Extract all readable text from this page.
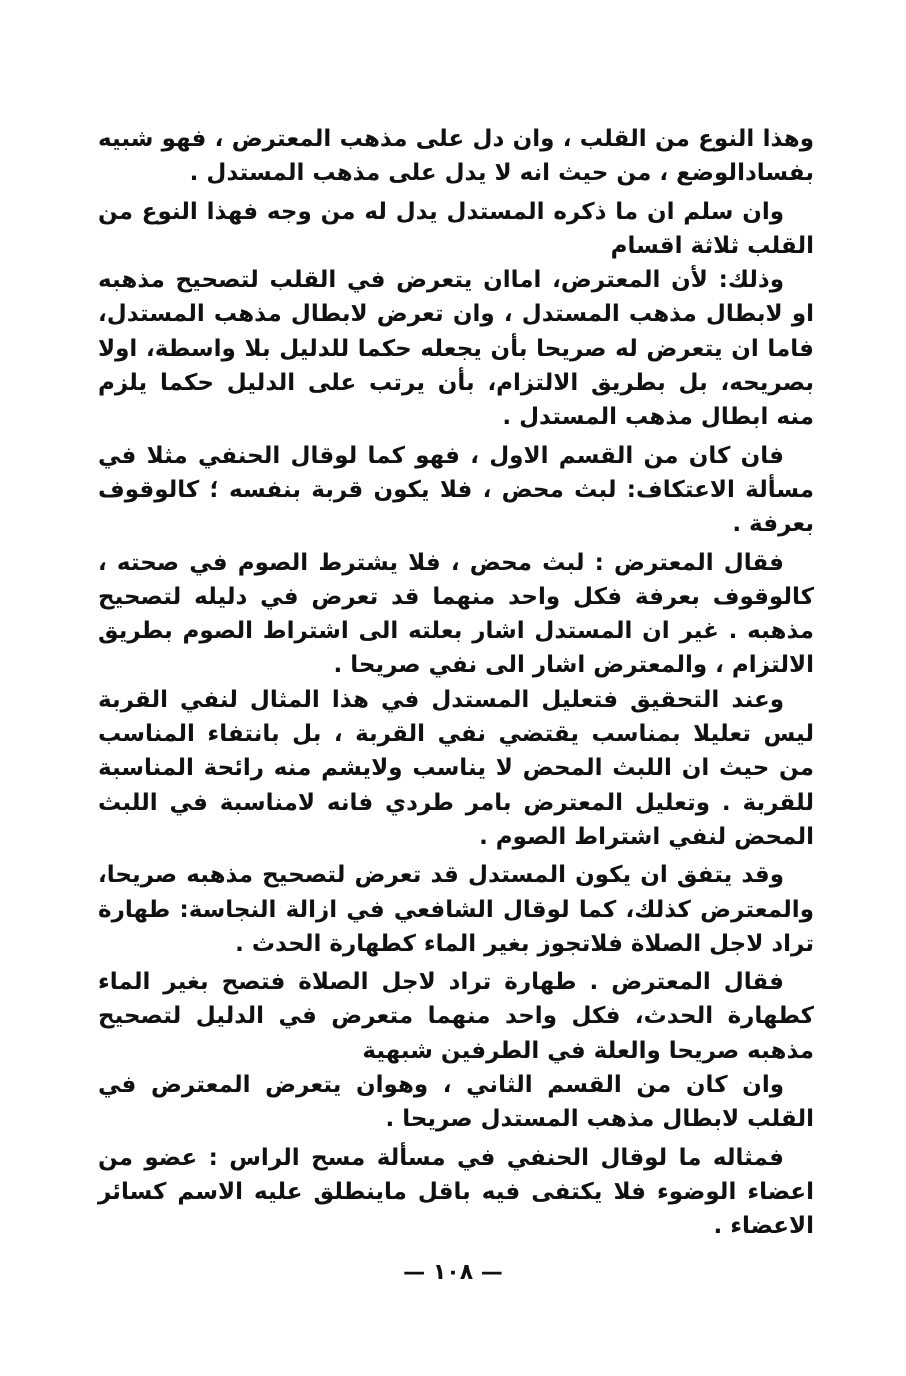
وهذا النوع من القلب ، وان دل على مذهب المعترض ، فهو شبيه بفسادالوضع ، من حيث انه لا يدل على مذهب المستدل .

وان سلم ان ما ذكره المستدل يدل له من وجه فهذا النوع من القلب ثلاثة اقسام

وذلك: لأن المعترض، اماان يتعرض في القلب لتصحيح مذهبه او لابطال مذهب المستدل ، وان تعرض لابطال مذهب المستدل، فاما ان يتعرض له صريحا بأن يجعله حكما للدليل بلا واسطة، اولا بصريحه، بل بطريق الالتزام، بأن يرتب على الدليل حكما يلزم منه ابطال مذهب المستدل .

فان كان من القسم الاول ، فهو كما لوقال الحنفي مثلا في مسألة الاعتكاف: لبث محض ، فلا يكون قربة بنفسه ؛ كالوقوف بعرفة .

فقال المعترض : لبث محض ، فلا يشترط الصوم في صحته ، كالوقوف بعرفة فكل واحد منهما قد تعرض في دليله لتصحيح مذهبه . غير ان المستدل اشار بعلته الى اشتراط الصوم بطريق الالتزام ، والمعترض اشار الى نفي صريحا .

وعند التحقيق فتعليل المستدل في هذا المثال لنفي القربة ليس تعليلا بمناسب يقتضي نفي القربة ، بل بانتفاء المناسب من حيث ان اللبث المحض لا يناسب ولايشم منه رائحة المناسبة للقربة . وتعليل المعترض بامر طردي فانه لامناسبة في اللبث المحض لنفي اشتراط الصوم .

وقد يتفق ان يكون المستدل قد تعرض لتصحيح مذهبه صريحا، والمعترض كذلك، كما لوقال الشافعي في ازالة النجاسة: طهارة تراد لاجل الصلاة فلاتجوز بغير الماء كطهارة الحدث .

فقال المعترض . طهارة تراد لاجل الصلاة فتصح بغير الماء كطهارة الحدث، فكل واحد منهما متعرض في الدليل لتصحيح مذهبه صريحا والعلة في الطرفين شبهية

وان كان من القسم الثاني ، وهوان يتعرض المعترض في القلب لابطال مذهب المستدل صريحا .

فمثاله ما لوقال الحنفي في مسألة مسح الراس : عضو من اعضاء الوضوء فلا يكتفى فيه باقل ماينطلق عليه الاسم كسائر الاعضاء .

— ١٠٨ —
